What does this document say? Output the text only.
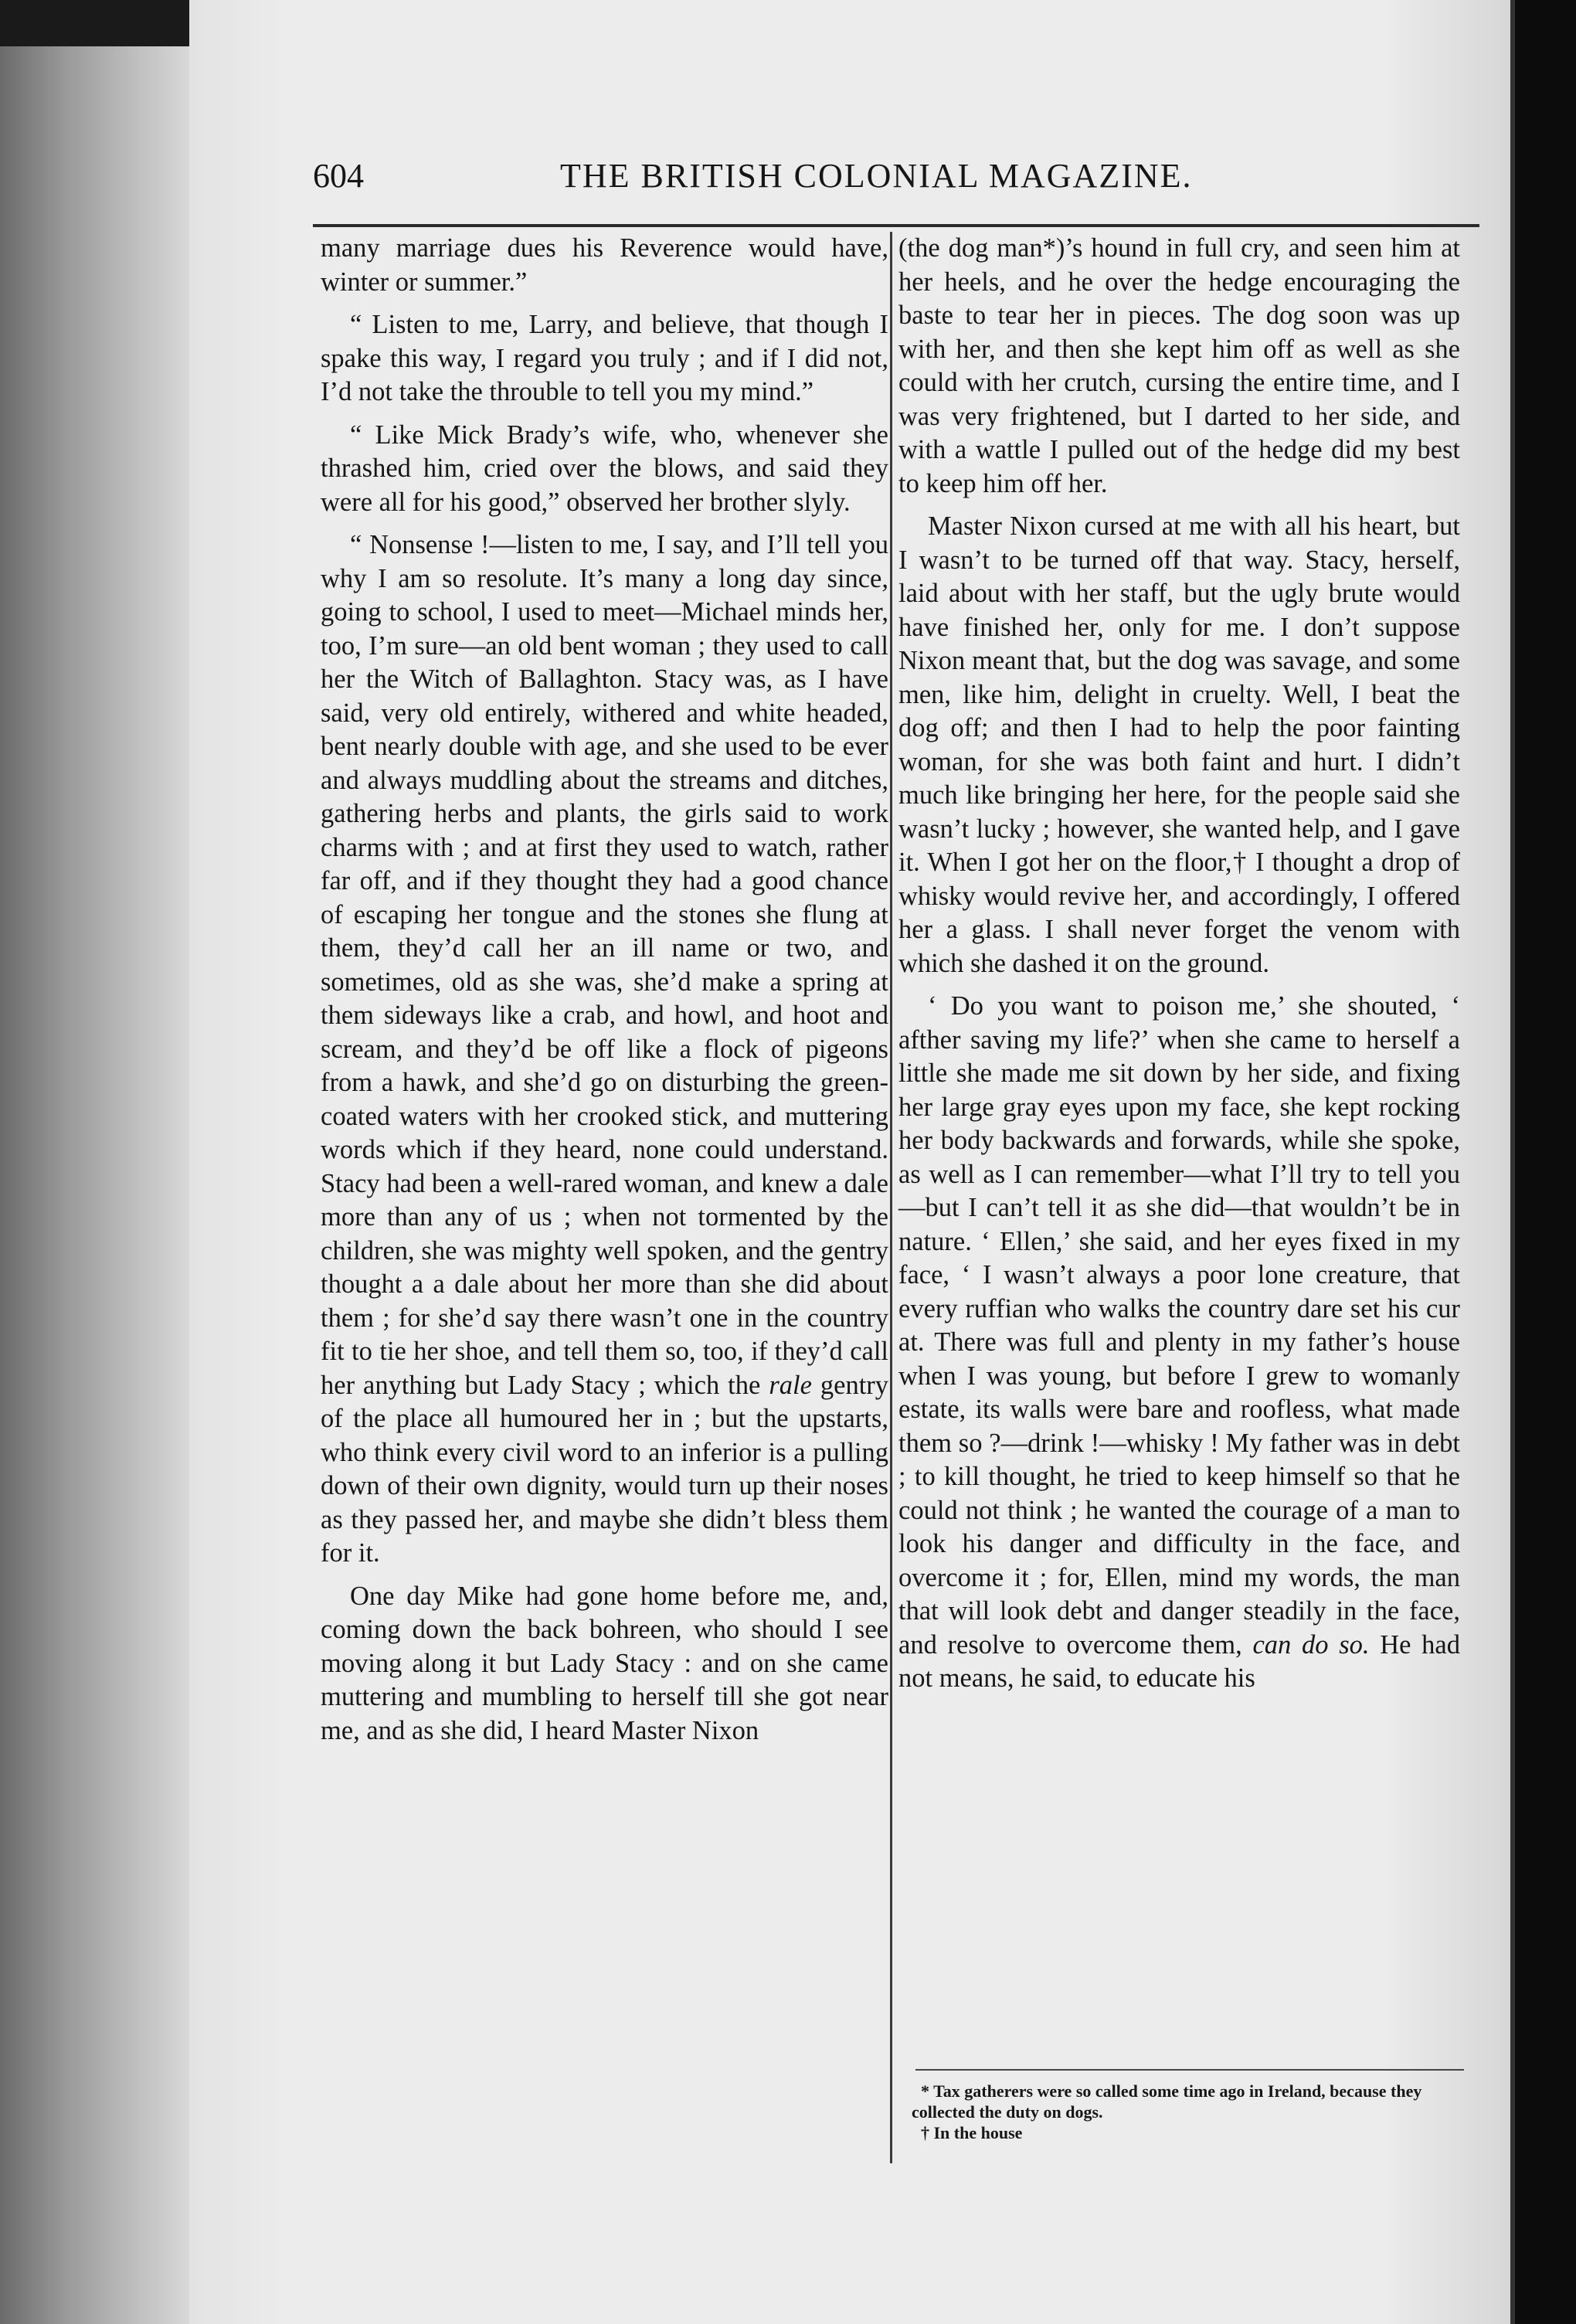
604	THE BRITISH COLONIAL MAGAZINE.

many marriage dues his Reverence would have, winter or summer.”

“ Listen to me, Larry, and believe, that though I spake this way, I regard you truly ; and if I did not, I’d not take the throuble to tell you my mind.”

“ Like Mick Brady’s wife, who, whenever she thrashed him, cried over the blows, and said they were all for his good,” observed her brother slyly.

“ Nonsense !—listen to me, I say, and I’ll tell you why I am so resolute. It’s many a long day since, going to school, I used to meet—Michael minds her, too, I’m sure—an old bent woman ; they used to call her the Witch of Ballaghton. Stacy was, as I have said, very old entirely, withered and white headed, bent nearly double with age, and she used to be ever and always muddling about the streams and ditches, gathering herbs and plants, the girls said to work charms with ; and at first they used to watch, rather far off, and if they thought they had a good chance of escaping her tongue and the stones she flung at them, they’d call her an ill name or two, and sometimes, old as she was, she’d make a spring at them sideways like a crab, and howl, and hoot and scream, and they’d be off like a flock of pigeons from a hawk, and she’d go on disturbing the green-coated waters with her crooked stick, and muttering words which if they heard, none could understand. Stacy had been a well-rared woman, and knew a dale more than any of us ; when not tormented by the children, she was mighty well spoken, and the gentry thought a a dale about her more than she did about them ; for she’d say there wasn’t one in the country fit to tie her shoe, and tell them so, too, if they’d call her anything but Lady Stacy ; which the rale gentry of the place all humoured her in ; but the upstarts, who think every civil word to an inferior is a pulling down of their own dignity, would turn up their noses as they passed her, and maybe she didn’t bless them for it.

One day Mike had gone home before me, and, coming down the back bohreen, who should I see moving along it but Lady Stacy : and on she came muttering and mumbling to herself till she got near me, and as she did, I heard Master Nixon

(the dog man*)’s hound in full cry, and seen him at her heels, and he over the hedge encouraging the baste to tear her in pieces. The dog soon was up with her, and then she kept him off as well as she could with her crutch, cursing the entire time, and I was very frightened, but I darted to her side, and with a wattle I pulled out of the hedge did my best to keep him off her.

Master Nixon cursed at me with all his heart, but I wasn’t to be turned off that way. Stacy, herself, laid about with her staff, but the ugly brute would have finished her, only for me. I don’t suppose Nixon meant that, but the dog was savage, and some men, like him, delight in cruelty. Well, I beat the dog off; and then I had to help the poor fainting woman, for she was both faint and hurt. I didn’t much like bringing her here, for the people said she wasn’t lucky ; however, she wanted help, and I gave it. When I got her on the floor,† I thought a drop of whisky would revive her, and accordingly, I offered her a glass. I shall never forget the venom with which she dashed it on the ground.

‘ Do you want to poison me,’ she shouted, ‘ afther saving my life?’ when she came to herself a little she made me sit down by her side, and fixing her large gray eyes upon my face, she kept rocking her body backwards and forwards, while she spoke, as well as I can remember—what I’ll try to tell you—but I can’t tell it as she did—that wouldn’t be in nature. ‘ Ellen,’ she said, and her eyes fixed in my face, ‘ I wasn’t always a poor lone creature, that every ruffian who walks the country dare set his cur at. There was full and plenty in my father’s house when I was young, but before I grew to womanly estate, its walls were bare and roofless, what made them so ?—drink !—whisky ! My father was in debt ; to kill thought, he tried to keep himself so that he could not think ; he wanted the courage of a man to look his danger and difficulty in the face, and overcome it ; for, Ellen, mind my words, the man that will look debt and danger steadily in the face, and resolve to overcome them, can do so. He had not means, he said, to educate his

* Tax gatherers were so called some time ago in Ireland, because they collected the duty on dogs.

† In the house
